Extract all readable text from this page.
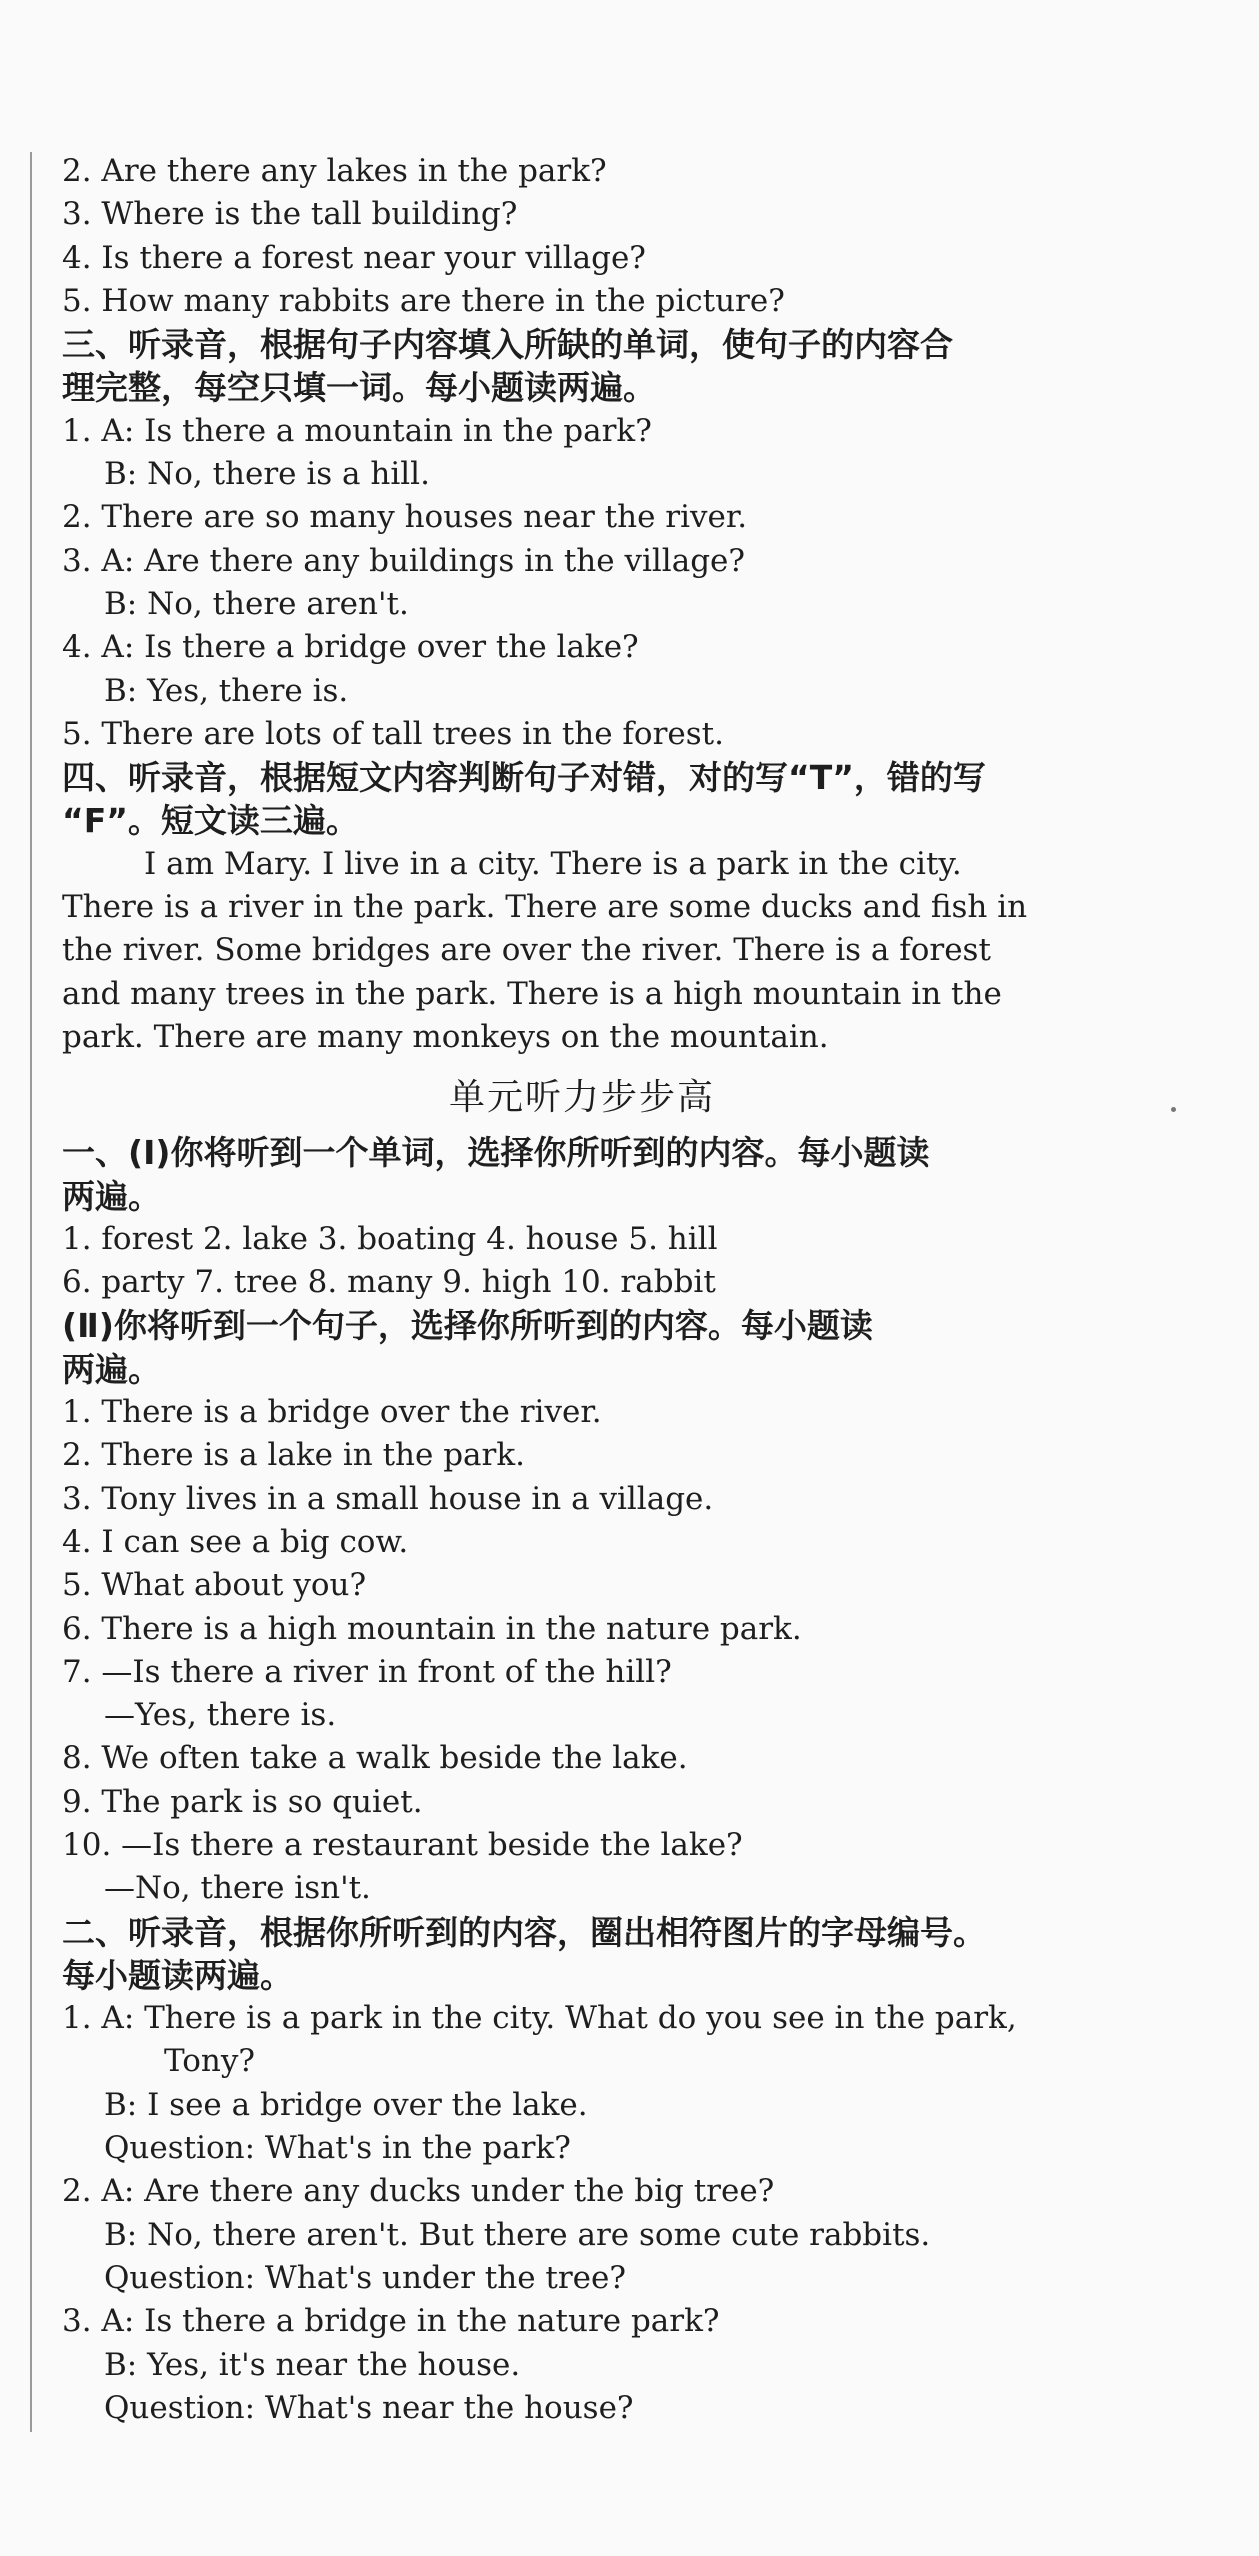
2. Are there any lakes in the park?
3. Where is the tall building?
4. Is there a forest near your village?
5. How many rabbits are there in the picture?
三、听录音，根据句子内容填入所缺的单词，使句子的内容合
理完整，每空只填一词。每小题读两遍。
1. A: Is there a mountain in the park?
B: No, there is a hill.
2. There are so many houses near the river.
3. A: Are there any buildings in the village?
B: No, there aren't.
4. A: Is there a bridge over the lake?
B: Yes, there is.
5. There are lots of tall trees in the forest.
四、听录音，根据短文内容判断句子对错，对的写“T”，错的写
“F”。短文读三遍。
I am Mary. I live in a city. There is a park in the city.
There is a river in the park. There are some ducks and fish in
the river. Some bridges are over the river. There is a forest
and many trees in the park. There is a high mountain in the
park. There are many monkeys on the mountain.
单元听力步步高
一、(Ⅰ)你将听到一个单词，选择你所听到的内容。每小题读
两遍。
1. forest 2. lake 3. boating 4. house 5. hill
6. party 7. tree 8. many 9. high 10. rabbit
(Ⅱ)你将听到一个句子，选择你所听到的内容。每小题读
两遍。
1. There is a bridge over the river.
2. There is a lake in the park.
3. Tony lives in a small house in a village.
4. I can see a big cow.
5. What about you?
6. There is a high mountain in the nature park.
7. —Is there a river in front of the hill?
—Yes, there is.
8. We often take a walk beside the lake.
9. The park is so quiet.
10. —Is there a restaurant beside the lake?
—No, there isn't.
二、听录音，根据你所听到的内容，圈出相符图片的字母编号。
每小题读两遍。
1. A: There is a park in the city. What do you see in the park,
Tony?
B: I see a bridge over the lake.
Question: What's in the park?
2. A: Are there any ducks under the big tree?
B: No, there aren't. But there are some cute rabbits.
Question: What's under the tree?
3. A: Is there a bridge in the nature park?
B: Yes, it's near the house.
Question: What's near the house?
